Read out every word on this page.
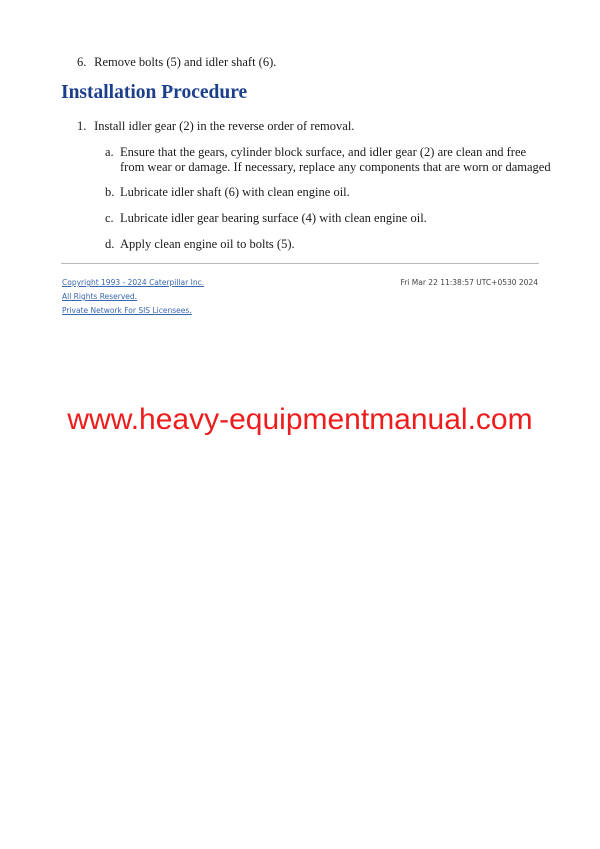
6. Remove bolts (5) and idler shaft (6).
Installation Procedure
1. Install idler gear (2) in the reverse order of removal.
a. Ensure that the gears, cylinder block surface, and idler gear (2) are clean and free
from wear or damage. If necessary, replace any components that are worn or damaged
b. Lubricate idler shaft (6) with clean engine oil.
c. Lubricate idler gear bearing surface (4) with clean engine oil.
d. Apply clean engine oil to bolts (5).
Copyright 1993 - 2024 Caterpillar Inc.
All Rights Reserved.
Private Network For SIS Licensees.
Fri Mar 22 11:38:57 UTC+0530 2024
www.heavy-equipmentmanual.com
